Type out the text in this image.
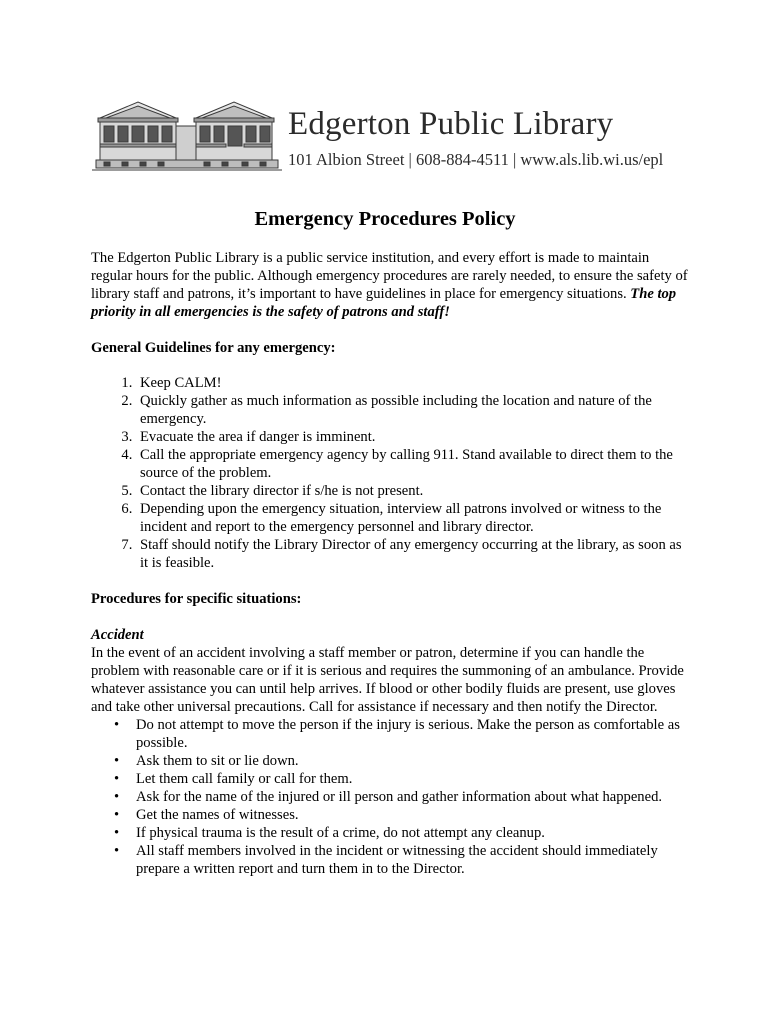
Edgerton Public Library
101 Albion Street | 608-884-4511 | www.als.lib.wi.us/epl
Emergency Procedures Policy

The Edgerton Public Library is a public service institution, and every effort is made to maintain regular hours for the public. Although emergency procedures are rarely needed, to ensure the safety of library staff and patrons, it’s important to have guidelines in place for emergency situations. The top priority in all emergencies is the safety of patrons and staff!

General Guidelines for any emergency:

1. Keep CALM!
2. Quickly gather as much information as possible including the location and nature of the emergency.
3. Evacuate the area if danger is imminent.
4. Call the appropriate emergency agency by calling 911. Stand available to direct them to the source of the problem.
5. Contact the library director if s/he is not present.
6. Depending upon the emergency situation, interview all patrons involved or witness to the incident and report to the emergency personnel and library director.
7. Staff should notify the Library Director of any emergency occurring at the library, as soon as it is feasible.

Procedures for specific situations:

Accident

In the event of an accident involving a staff member or patron, determine if you can handle the problem with reasonable care or if it is serious and requires the summoning of an ambulance. Provide whatever assistance you can until help arrives. If blood or other bodily fluids are present, use gloves and take other universal precautions. Call for assistance if necessary and then notify the Director.

• Do not attempt to move the person if the injury is serious. Make the person as comfortable as possible.
• Ask them to sit or lie down.
• Let them call family or call for them.
• Ask for the name of the injured or ill person and gather information about what happened.
• Get the names of witnesses.
• If physical trauma is the result of a crime, do not attempt any cleanup.
• All staff members involved in the incident or witnessing the accident should immediately prepare a written report and turn them in to the Director.
